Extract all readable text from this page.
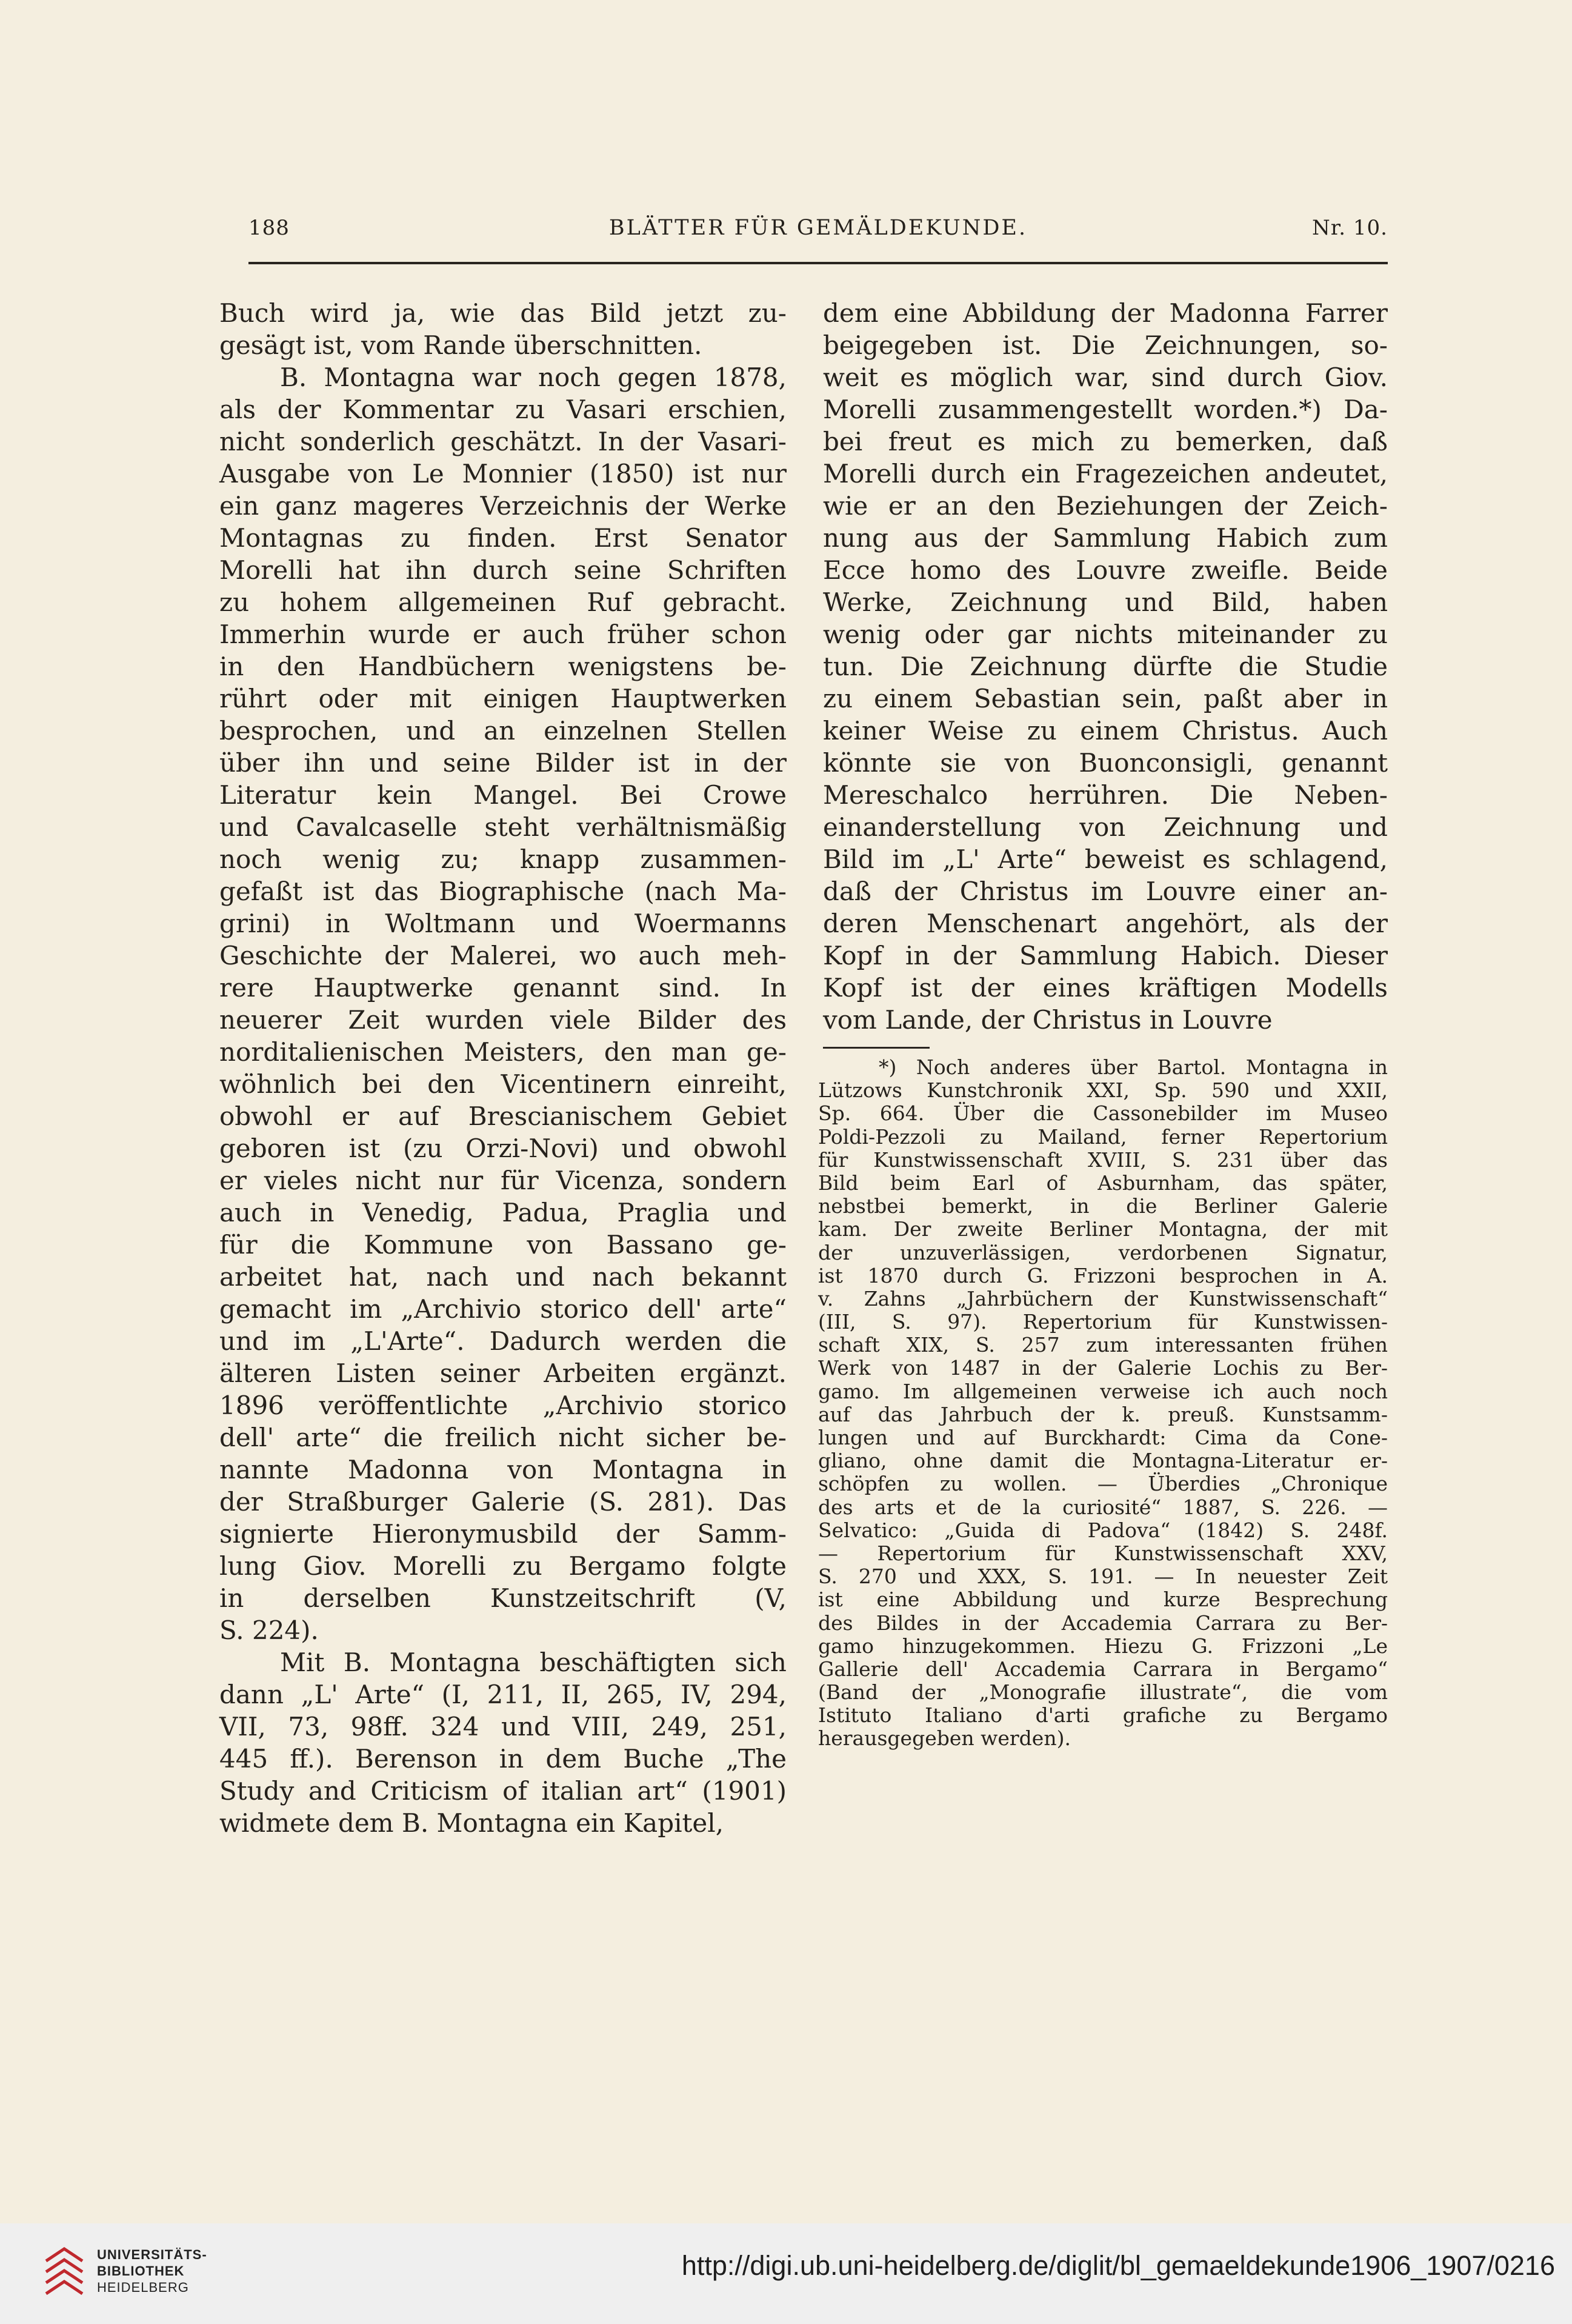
188	BLÄTTER FÜR GEMÄLDEKUNDE.	Nr. 10.
Buch wird ja, wie das Bild jetzt zu-
gesägt ist, vom Rande überschnitten.
B. Montagna war noch gegen 1878,
als der Kommentar zu Vasari erschien,
nicht sonderlich geschätzt. In der Vasari-
Ausgabe von Le Monnier (1850) ist nur
ein ganz mageres Verzeichnis der Werke
Montagnas zu finden. Erst Senator
Morelli hat ihn durch seine Schriften
zu hohem allgemeinen Ruf gebracht.
Immerhin wurde er auch früher schon
in den Handbüchern wenigstens be-
rührt oder mit einigen Hauptwerken
besprochen, und an einzelnen Stellen
über ihn und seine Bilder ist in der
Literatur kein Mangel. Bei Crowe
und Cavalcaselle steht verhältnismäßig
noch wenig zu; knapp zusammen-
gefaßt ist das Biographische (nach Ma-
grini) in Woltmann und Woermanns
Geschichte der Malerei, wo auch meh-
rere Hauptwerke genannt sind. In
neuerer Zeit wurden viele Bilder des
norditalienischen Meisters, den man ge-
wöhnlich bei den Vicentinern einreiht,
obwohl er auf Brescianischem Gebiet
geboren ist (zu Orzi-Novi) und obwohl
er vieles nicht nur für Vicenza, sondern
auch in Venedig, Padua, Praglia und
für die Kommune von Bassano ge-
arbeitet hat, nach und nach bekannt
gemacht im „Archivio storico dell' arte“
und im „L'Arte“. Dadurch werden die
älteren Listen seiner Arbeiten ergänzt.
1896 veröffentlichte „Archivio storico
dell' arte“ die freilich nicht sicher be-
nannte Madonna von Montagna in
der Straßburger Galerie (S. 281). Das
signierte Hieronymusbild der Samm-
lung Giov. Morelli zu Bergamo folgte
in derselben Kunstzeitschrift (V,
S. 224).
Mit B. Montagna beschäftigten sich
dann „L' Arte“ (I, 211, II, 265, IV, 294,
VII, 73, 98ff. 324 und VIII, 249, 251,
445 ff.). Berenson in dem Buche „The
Study and Criticism of italian art“ (1901)
widmete dem B. Montagna ein Kapitel,
dem eine Abbildung der Madonna Farrer
beigegeben ist. Die Zeichnungen, so-
weit es möglich war, sind durch Giov.
Morelli zusammengestellt worden.*) Da-
bei freut es mich zu bemerken, daß
Morelli durch ein Fragezeichen andeutet,
wie er an den Beziehungen der Zeich-
nung aus der Sammlung Habich zum
Ecce homo des Louvre zweifle. Beide
Werke, Zeichnung und Bild, haben
wenig oder gar nichts miteinander zu
tun. Die Zeichnung dürfte die Studie
zu einem Sebastian sein, paßt aber in
keiner Weise zu einem Christus. Auch
könnte sie von Buonconsigli, genannt
Mereschalco herrühren. Die Neben-
einanderstellung von Zeichnung und
Bild im „L' Arte“ beweist es schlagend,
daß der Christus im Louvre einer an-
deren Menschenart angehört, als der
Kopf in der Sammlung Habich. Dieser
Kopf ist der eines kräftigen Modells
vom Lande, der Christus in Louvre
*) Noch anderes über Bartol. Montagna in
Lützows Kunstchronik XXI, Sp. 590 und XXII,
Sp. 664. Über die Cassonebilder im Museo
Poldi-Pezzoli zu Mailand, ferner Repertorium
für Kunstwissenschaft XVIII, S. 231 über das
Bild beim Earl of Asburnham, das später,
nebstbei bemerkt, in die Berliner Galerie
kam. Der zweite Berliner Montagna, der mit
der unzuverlässigen, verdorbenen Signatur,
ist 1870 durch G. Frizzoni besprochen in A.
v. Zahns „Jahrbüchern der Kunstwissenschaft“
(III, S. 97). Repertorium für Kunstwissen-
schaft XIX, S. 257 zum interessanten frühen
Werk von 1487 in der Galerie Lochis zu Ber-
gamo. Im allgemeinen verweise ich auch noch
auf das Jahrbuch der k. preuß. Kunstsamm-
lungen und auf Burckhardt: Cima da Cone-
gliano, ohne damit die Montagna-Literatur er-
schöpfen zu wollen. — Überdies „Chronique
des arts et de la curiosité“ 1887, S. 226. —
Selvatico: „Guida di Padova“ (1842) S. 248f.
— Repertorium für Kunstwissenschaft XXV,
S. 270 und XXX, S. 191. — In neuester Zeit
ist eine Abbildung und kurze Besprechung
des Bildes in der Accademia Carrara zu Ber-
gamo hinzugekommen. Hiezu G. Frizzoni „Le
Gallerie dell' Accademia Carrara in Bergamo“
(Band der „Monografie illustrate“, die vom
Istituto Italiano d'arti grafiche zu Bergamo
herausgegeben werden).
UNIVERSITÄTS-
BIBLIOTHEK
HEIDELBERG
http://digi.ub.uni-heidelberg.de/diglit/bl_gemaeldekunde1906_1907/0216
